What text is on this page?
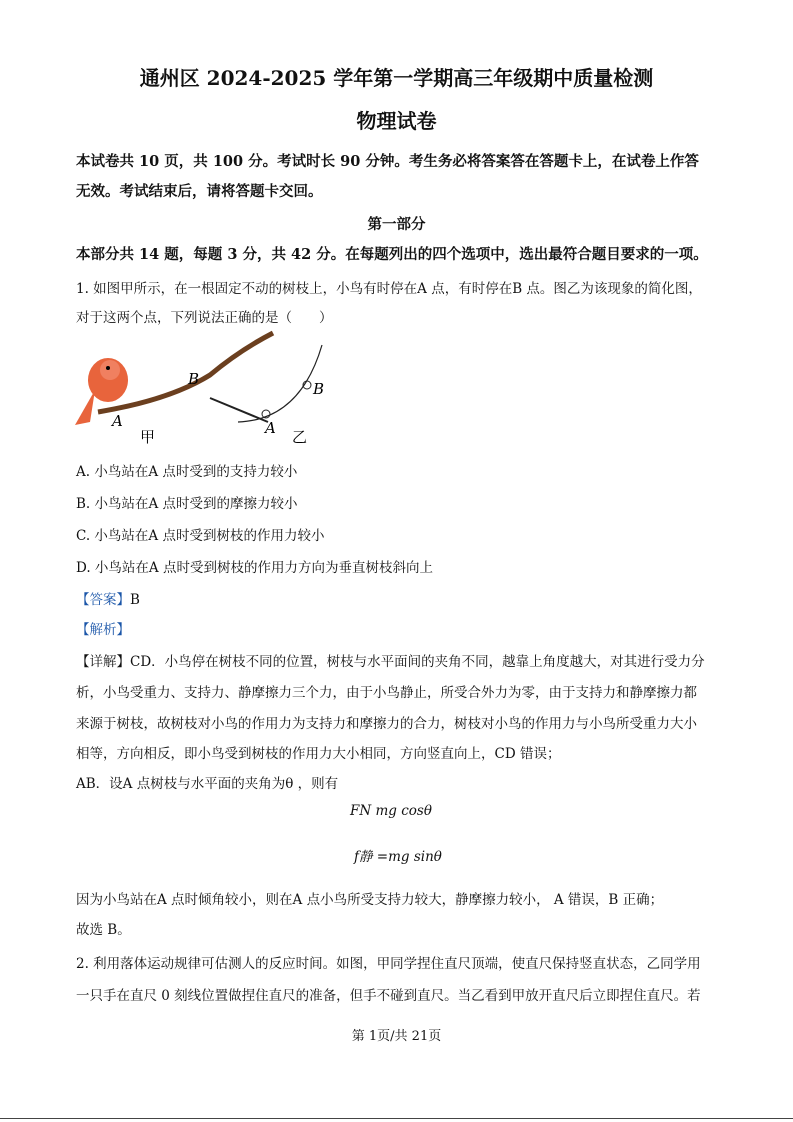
通州区 2024-2025 学年第一学期高三年级期中质量检测
物理试卷
本试卷共 10 页，共 100 分。考试时长 90 分钟。考生务必将答案答在答题卡上，在试卷上作答
无效。考试结束后，请将答题卡交回。
第一部分
本部分共 14 题，每题 3 分，共 42 分。在每题列出的四个选项中，选出最符合题目要求的一项。
1. 如图甲所示，在一根固定不动的树枝上，小鸟有时停在A 点，有时停在B 点。图乙为该现象的简化图，
对于这两个点，下列说法正确的是（　　）
A
B
甲	A
B
乙
A. 小鸟站在A 点时受到的支持力较小
B. 小鸟站在A 点时受到的摩擦力较小
C. 小鸟站在A 点时受到树枝的作用力较小
D. 小鸟站在A 点时受到树枝的作用力方向为垂直树枝斜向上
【答案】B
【解析】
【详解】CD．小鸟停在树枝不同的位置，树枝与水平面间的夹角不同，越靠上角度越大，对其进行受力分
析，小鸟受重力、支持力、静摩擦力三个力，由于小鸟静止，所受合外力为零，由于支持力和静摩擦力都
来源于树枝，故树枝对小鸟的作用力为支持力和摩擦力的合力，树枝对小鸟的作用力与小鸟所受重力大小
相等，方向相反，即小鸟受到树枝的作用力大小相同，方向竖直向上，CD 错误；
AB．设A 点树枝与水平面的夹角为θ ，则有
FN mg cosθ
f静 =mg sinθ
因为小鸟站在A 点时倾角较小，则在A 点小鸟所受支持力较大，静摩擦力较小， A 错误，B 正确；
故选 B。
2. 利用落体运动规律可估测人的反应时间。如图，甲同学捏住直尺顶端，使直尺保持竖直状态，乙同学用
一只手在直尺 0 刻线位置做捏住直尺的准备，但手不碰到直尺。当乙看到甲放开直尺后立即捏住直尺。若
第 1页/共 21页
